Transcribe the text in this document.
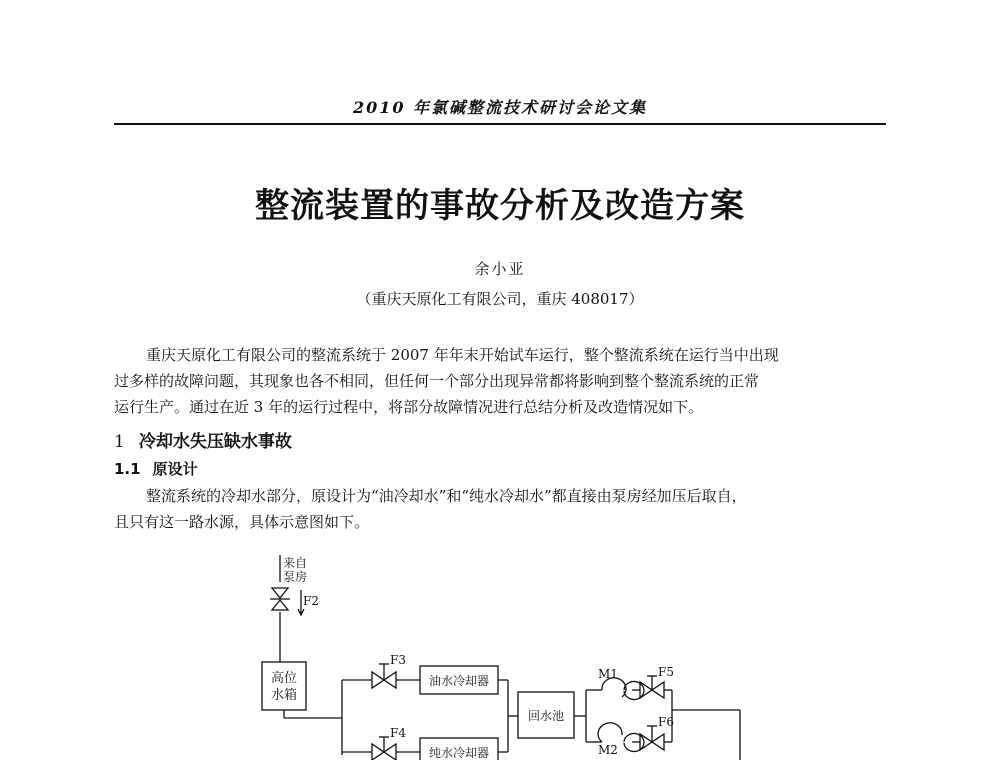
2010 年氯碱整流技术研讨会论文集
整流装置的事故分析及改造方案
余小亚
（重庆天原化工有限公司，重庆 408017）
重庆天原化工有限公司的整流系统于 2007 年年末开始试车运行，整个整流系统在运行当中出现
过多样的故障问题，其现象也各不相同，但任何一个部分出现异常都将影响到整个整流系统的正常
运行生产。通过在近 3 年的运行过程中，将部分故障情况进行总结分析及改造情况如下。
1 冷却水失压缺水事故
1.1 原设计
整流系统的冷却水部分，原设计为“油冷却水”和“纯水冷却水”都直接由泵房经加压后取自，
且只有这一路水源，具体示意图如下。
来自
泵房
F2
高位
水箱
F3
油水冷却器
F4
纯水冷却器
回水池
M1
M2
F5
F6
